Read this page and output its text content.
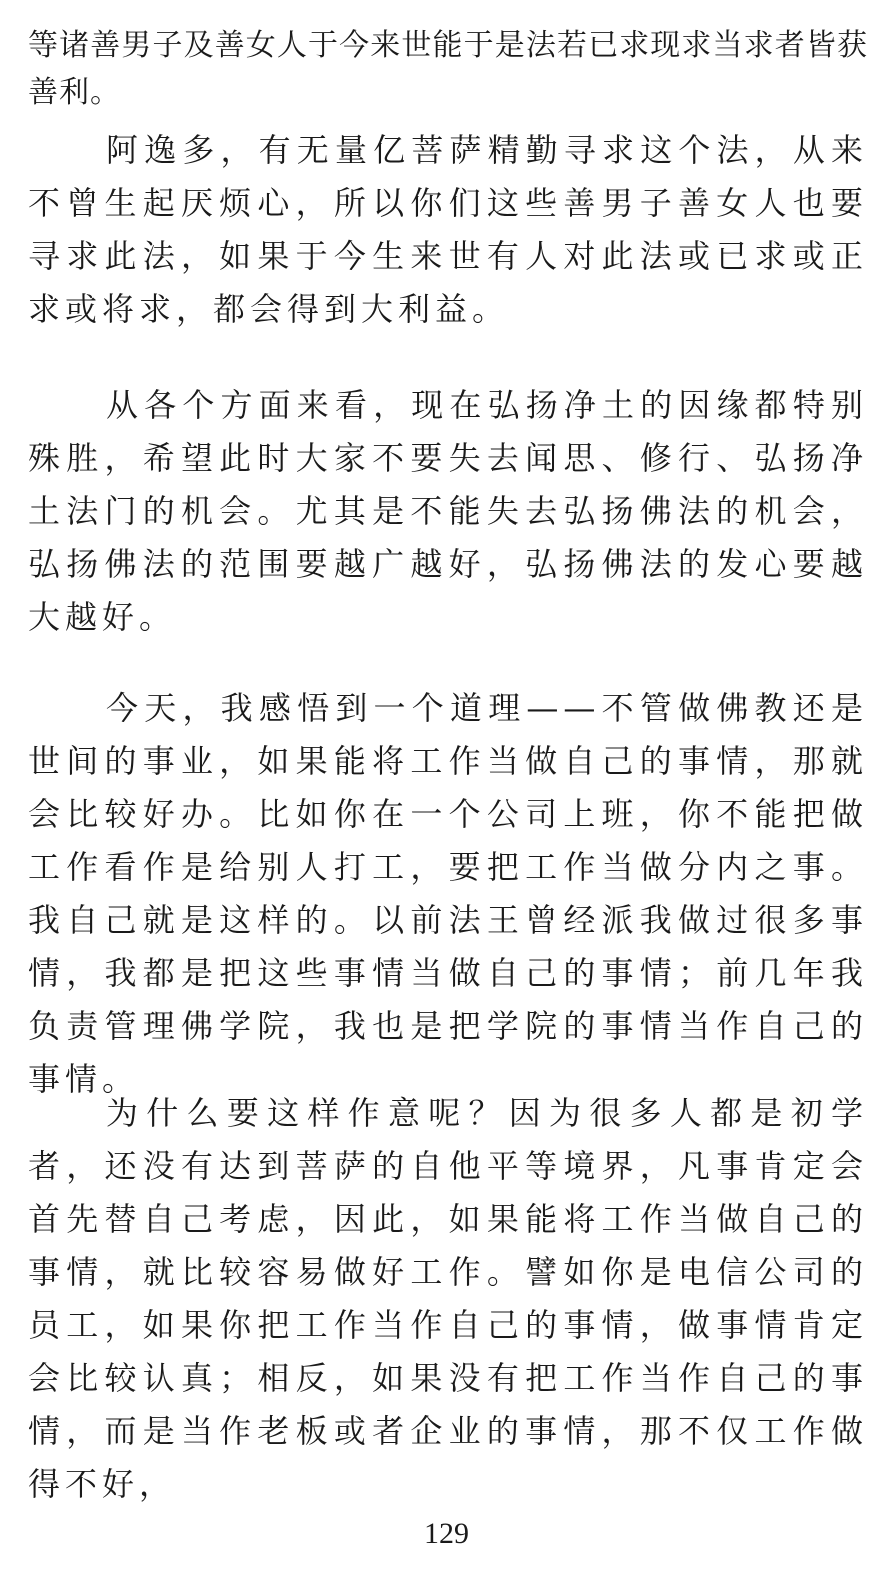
等诸善男子及善女人于今来世能于是法若已求现求当求者皆获善利。

阿逸多，有无量亿菩萨精勤寻求这个法，从来不曾生起厌烦心，所以你们这些善男子善女人也要寻求此法，如果于今生来世有人对此法或已求或正求或将求，都会得到大利益。

从各个方面来看，现在弘扬净土的因缘都特别殊胜，希望此时大家不要失去闻思、修行、弘扬净土法门的机会。尤其是不能失去弘扬佛法的机会，弘扬佛法的范围要越广越好，弘扬佛法的发心要越大越好。

今天，我感悟到一个道理——不管做佛教还是世间的事业，如果能将工作当做自己的事情，那就会比较好办。比如你在一个公司上班，你不能把做工作看作是给别人打工，要把工作当做分内之事。我自己就是这样的。以前法王曾经派我做过很多事情，我都是把这些事情当做自己的事情；前几年我负责管理佛学院，我也是把学院的事情当作自己的事情。

为什么要这样作意呢？因为很多人都是初学者，还没有达到菩萨的自他平等境界，凡事肯定会首先替自己考虑，因此，如果能将工作当做自己的事情，就比较容易做好工作。譬如你是电信公司的员工，如果你把工作当作自己的事情，做事情肯定会比较认真；相反，如果没有把工作当作自己的事情，而是当作老板或者企业的事情，那不仅工作做得不好，

129
